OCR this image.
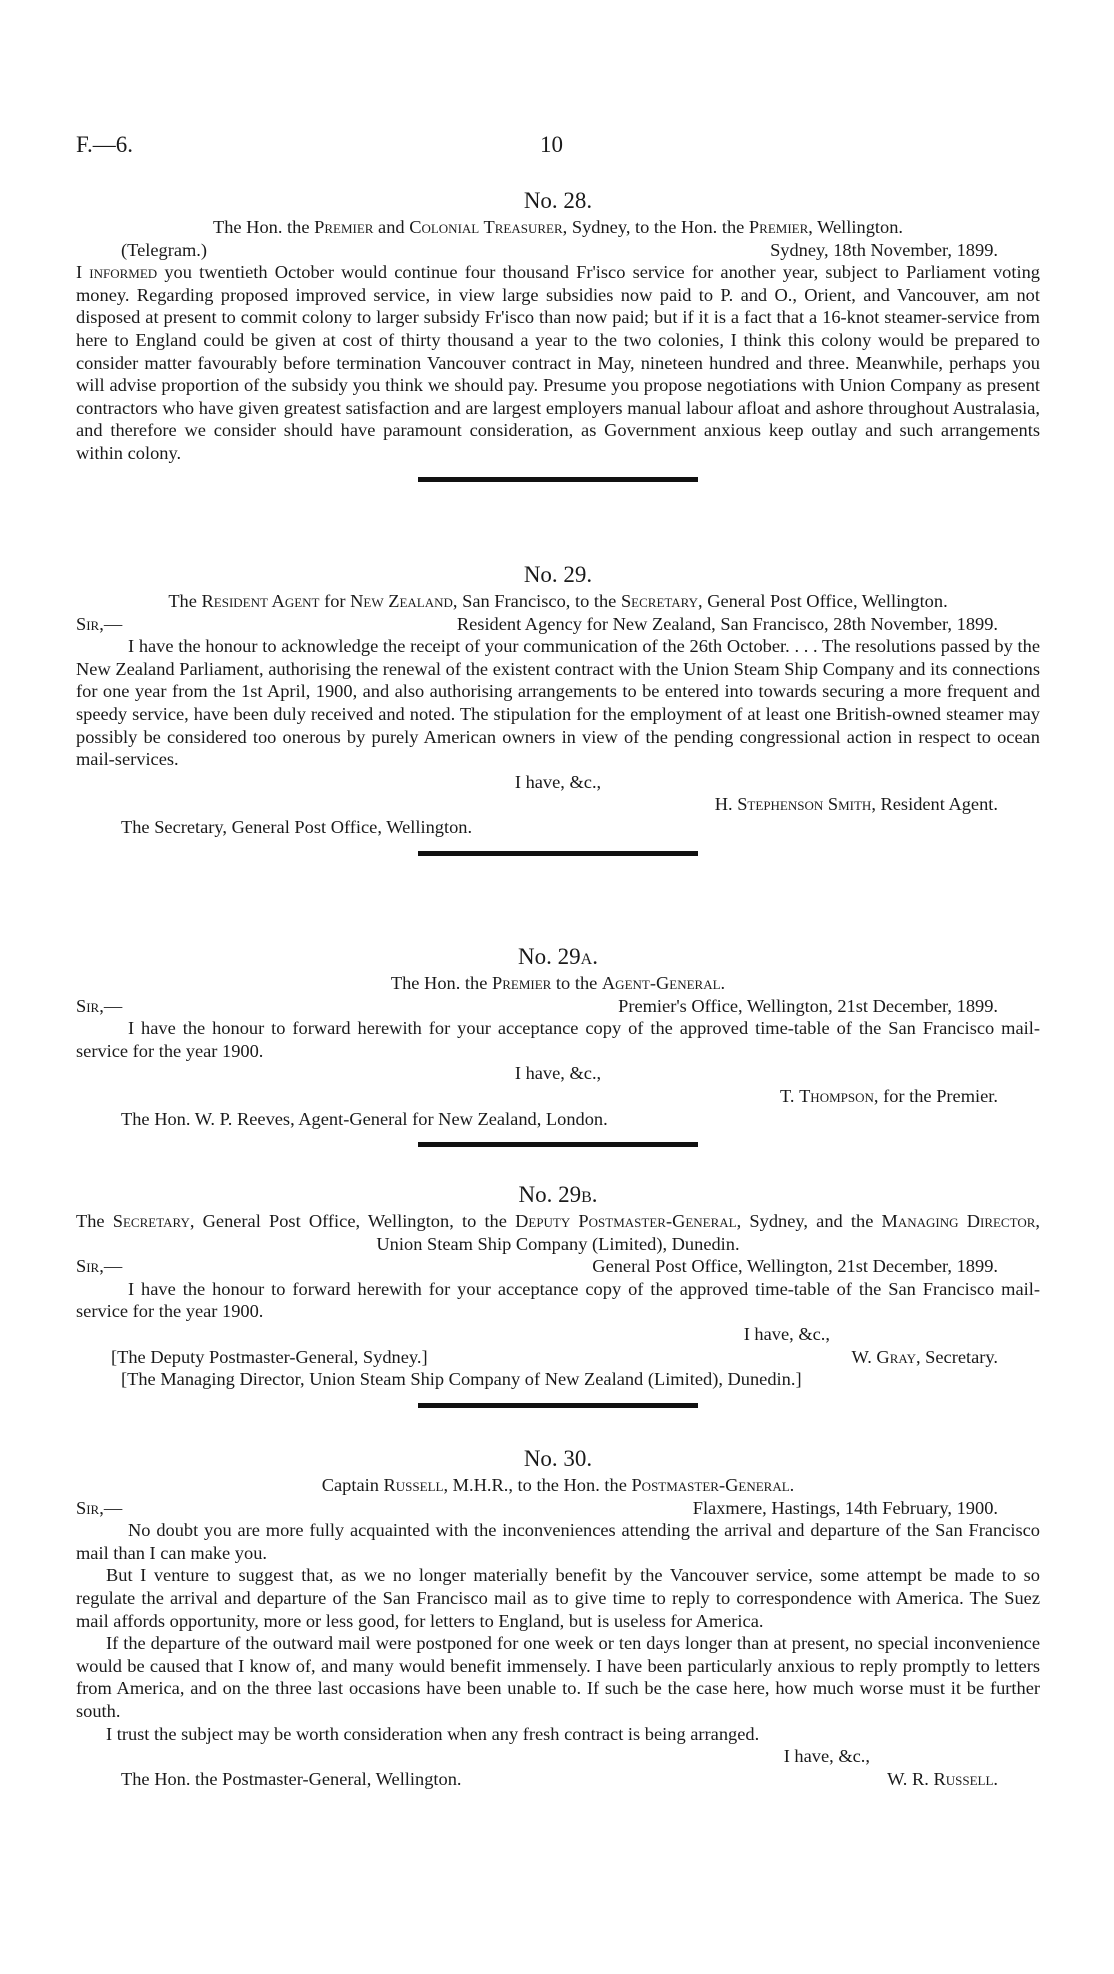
F.—6.	10

No. 28.

The Hon. the Premier and Colonial Treasurer, Sydney, to the Hon. the Premier, Wellington.

(Telegram.)	Sydney, 18th November, 1899.

I informed you twentieth October would continue four thousand Fr'isco service for another year, subject to Parliament voting money. Regarding proposed improved service, in view large subsidies now paid to P. and O., Orient, and Vancouver, am not disposed at present to commit colony to larger subsidy Fr'isco than now paid; but if it is a fact that a 16-knot steamer-service from here to England could be given at cost of thirty thousand a year to the two colonies, I think this colony would be prepared to consider matter favourably before termination Vancouver contract in May, nineteen hundred and three. Meanwhile, perhaps you will advise proportion of the subsidy you think we should pay. Presume you propose negotiations with Union Company as present contractors who have given greatest satisfaction and are largest employers manual labour afloat and ashore throughout Australasia, and therefore we consider should have paramount consideration, as Government anxious keep outlay and such arrangements within colony.

No. 29.

The Resident Agent for New Zealand, San Francisco, to the Secretary, General Post Office, Wellington.

Sir,—	Resident Agency for New Zealand, San Francisco, 28th November, 1899.

I have the honour to acknowledge the receipt of your communication of the 26th October. . . . The resolutions passed by the New Zealand Parliament, authorising the renewal of the existent contract with the Union Steam Ship Company and its connections for one year from the 1st April, 1900, and also authorising arrangements to be entered into towards securing a more frequent and speedy service, have been duly received and noted. The stipulation for the employment of at least one British-owned steamer may possibly be considered too onerous by purely American owners in view of the pending congressional action in respect to ocean mail-services.

I have, &c.,

H. Stephenson Smith, Resident Agent.

The Secretary, General Post Office, Wellington.

No. 29a.

The Hon. the Premier to the Agent-General.

Sir,—	Premier's Office, Wellington, 21st December, 1899.

I have the honour to forward herewith for your acceptance copy of the approved time-table of the San Francisco mail-service for the year 1900.

I have, &c.,

T. Thompson, for the Premier.

The Hon. W. P. Reeves, Agent-General for New Zealand, London.

No. 29b.

The Secretary, General Post Office, Wellington, to the Deputy Postmaster-General, Sydney, and the Managing Director, Union Steam Ship Company (Limited), Dunedin.

Sir,—	General Post Office, Wellington, 21st December, 1899.

I have the honour to forward herewith for your acceptance copy of the approved time-table of the San Francisco mail-service for the year 1900.

I have, &c.,

[The Deputy Postmaster-General, Sydney.]	W. Gray, Secretary.

[The Managing Director, Union Steam Ship Company of New Zealand (Limited), Dunedin.]

No. 30.

Captain Russell, M.H.R., to the Hon. the Postmaster-General.

Sir,—	Flaxmere, Hastings, 14th February, 1900.

No doubt you are more fully acquainted with the inconveniences attending the arrival and departure of the San Francisco mail than I can make you.

But I venture to suggest that, as we no longer materially benefit by the Vancouver service, some attempt be made to so regulate the arrival and departure of the San Francisco mail as to give time to reply to correspondence with America. The Suez mail affords opportunity, more or less good, for letters to England, but is useless for America.

If the departure of the outward mail were postponed for one week or ten days longer than at present, no special inconvenience would be caused that I know of, and many would benefit immensely. I have been particularly anxious to reply promptly to letters from America, and on the three last occasions have been unable to. If such be the case here, how much worse must it be further south.

I trust the subject may be worth consideration when any fresh contract is being arranged.

I have, &c.,

The Hon. the Postmaster-General, Wellington.	W. R. Russell.
